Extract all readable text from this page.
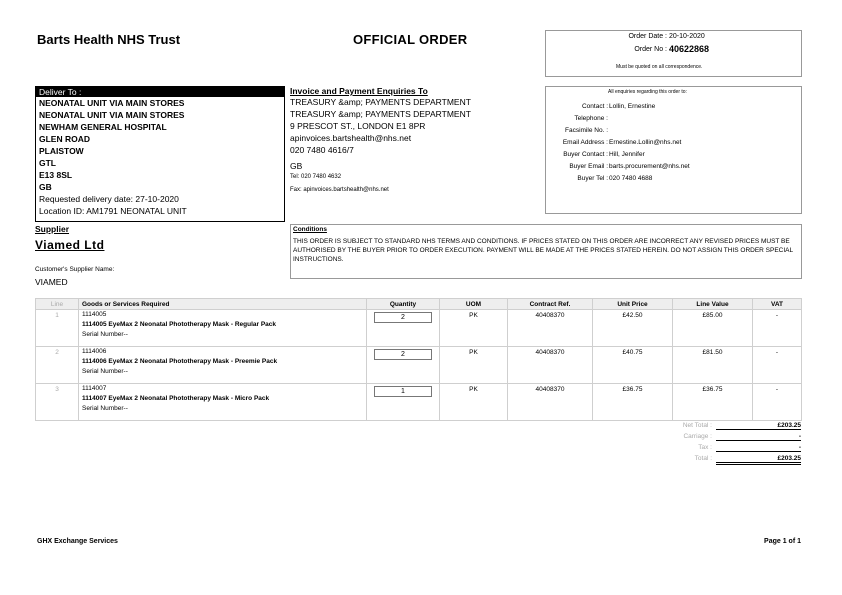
Barts Health NHS Trust	OFFICIAL ORDER	Order Date : 20-10-2020
Order No : 40622868
Must be quoted on all correspondence.
Deliver To :
NEONATAL UNIT VIA MAIN STORES
NEONATAL UNIT VIA MAIN STORES
NEWHAM GENERAL HOSPITAL
GLEN ROAD
PLAISTOW
GTL
E13 8SL
GB
Requested delivery date: 27-10-2020
Location ID: AM1791 NEONATAL UNIT
Invoice and Payment Enquiries To
TREASURY &amp; PAYMENTS DEPARTMENT
TREASURY &amp; PAYMENTS DEPARTMENT
9 PRESCOT ST., LONDON E1 8PR
apinvoices.bartshealth@nhs.net
020 7480 4616/7
GB
Tel: 020 7480 4632
Fax: apinvoices.bartshealth@nhs.net
All enquiries regarding this order to:
Contact : Lollin, Ernestine
Telephone :
Facsimile No. :
Email Address : Ernestine.Lollin@nhs.net
Buyer Contact : Hill, Jennifer
Buyer Email : barts.procurement@nhs.net
Buyer Tel : 020 7480 4688
Supplier
Viamed Ltd
Customer's Supplier Name:
VIAMED
Conditions
THIS ORDER IS SUBJECT TO STANDARD NHS TERMS AND CONDITIONS. IF PRICES STATED ON THIS ORDER ARE INCORRECT ANY REVISED PRICES MUST BE AUTHORISED BY THE BUYER PRIOR TO ORDER EXECUTION. PAYMENT WILL BE MADE AT THE PRICES STATED HEREIN. DO NOT ASSIGN THIS ORDER SPECIAL INSTRUCTIONS.
Line	Goods or Services Required	Quantity	UOM	Contract Ref.	Unit Price	Line Value	VAT
1	1114005
1114005 EyeMax 2 Neonatal Phototherapy Mask - Regular Pack
Serial Number--	2	PK	40408370	£42.50	£85.00	-
2	1114006
1114006 EyeMax 2 Neonatal Phototherapy Mask - Preemie Pack
Serial Number--	2	PK	40408370	£40.75	£81.50	-
3	1114007
1114007 EyeMax 2 Neonatal Phototherapy Mask - Micro Pack
Serial Number--	1	PK	40408370	£36.75	£36.75	-
Net Total :	£203.25
Carriage :	-
Tax :	-
Total :	£203.25
GHX Exchange Services	Page 1 of 1
